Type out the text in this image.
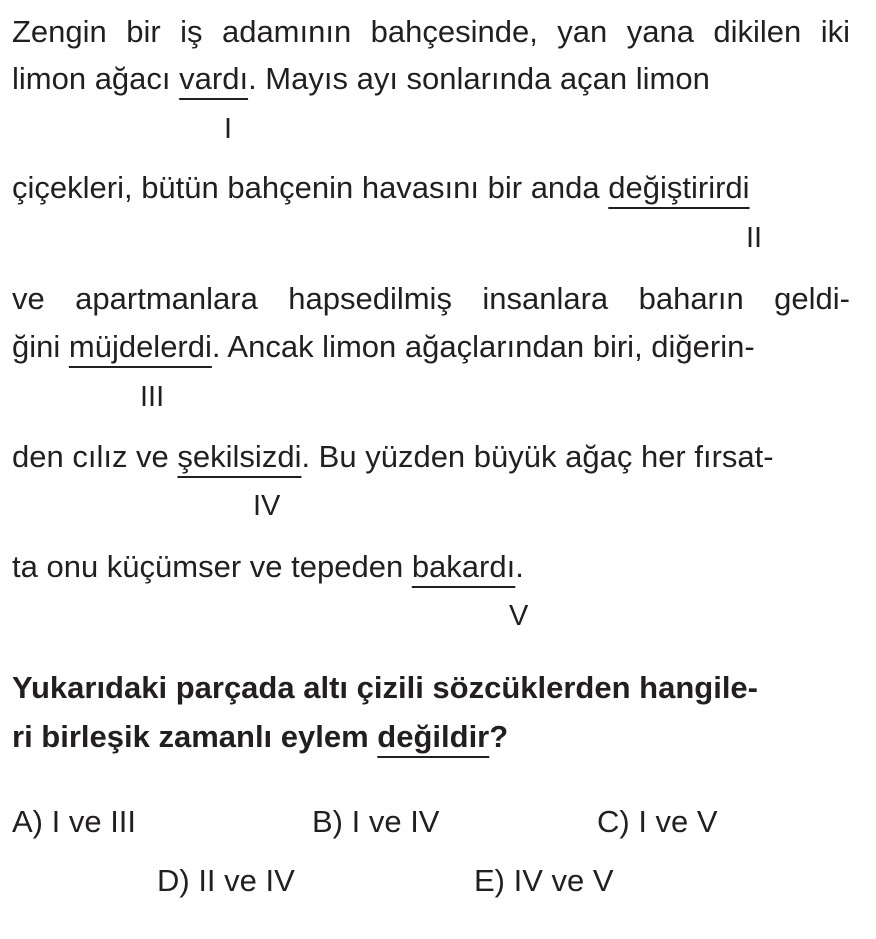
Zengin bir iş adamının bahçesinde, yan yana dikilen iki
limon ağacı vardı. Mayıs ayı sonlarında açan limon
I
çiçekleri, bütün bahçenin havasını bir anda değiştirirdi
II
ve apartmanlara hapsedilmiş insanlara baharın geldi-
ğini müjdelerdi. Ancak limon ağaçlarından biri, diğerin-
III
den cılız ve şekilsizdi. Bu yüzden büyük ağaç her fırsat-
IV
ta onu küçümser ve tepeden bakardı.
V
Yukarıdaki parçada altı çizili sözcüklerden hangile-
ri birleşik zamanlı eylem değildir?
A) I ve III	B) I ve IV	C) I ve V
D) II ve IV	E) IV ve V
